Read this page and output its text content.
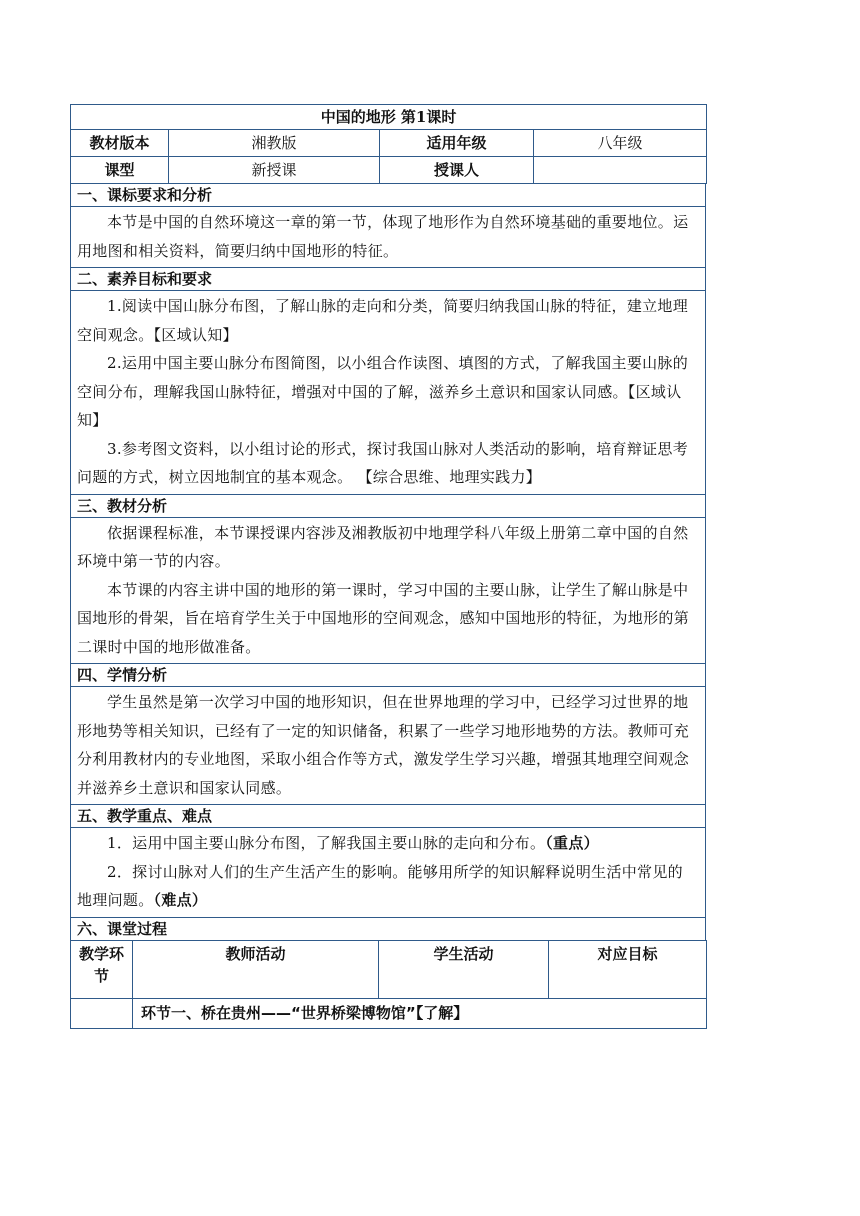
中国的地形 第1课时			
教材版本	湘教版	适用年级	八年级
课型	新授课	授课人	
一、课标要求和分析

本节是中国的自然环境这一章的第一节，体现了地形作为自然环境基础的重要地位。运用地图和相关资料，简要归纳中国地形的特征。

二、素养目标和要求

1.阅读中国山脉分布图，了解山脉的走向和分类，简要归纳我国山脉的特征，建立地理空间观念。【区域认知】

2.运用中国主要山脉分布图简图，以小组合作读图、填图的方式，了解我国主要山脉的空间分布，理解我国山脉特征，增强对中国的了解，滋养乡土意识和国家认同感。【区域认知】

3.参考图文资料，以小组讨论的形式，探讨我国山脉对人类活动的影响，培育辩证思考问题的方式，树立因地制宜的基本观念。 【综合思维、地理实践力】

三、教材分析

依据课程标准，本节课授课内容涉及湘教版初中地理学科八年级上册第二章中国的自然环境中第一节的内容。

本节课的内容主讲中国的地形的第一课时，学习中国的主要山脉，让学生了解山脉是中国地形的骨架，旨在培育学生关于中国地形的空间观念，感知中国地形的特征，为地形的第二课时中国的地形做准备。

四、学情分析

学生虽然是第一次学习中国的地形知识，但在世界地理的学习中，已经学习过世界的地形地势等相关知识，已经有了一定的知识储备，积累了一些学习地形地势的方法。教师可充分利用教材内的专业地图，采取小组合作等方式，激发学生学习兴趣，增强其地理空间观念并滋养乡土意识和国家认同感。

五、教学重点、难点

1．运用中国主要山脉分布图，了解我国主要山脉的走向和分布。（重点）

2．探讨山脉对人们的生产生活产生的影响。能够用所学的知识解释说明生活中常见的地理问题。（难点）

六、课堂过程
教学环节	教师活动	学生活动	对应目标
	环节一、桥在贵州——“世界桥梁博物馆”【了解】		
